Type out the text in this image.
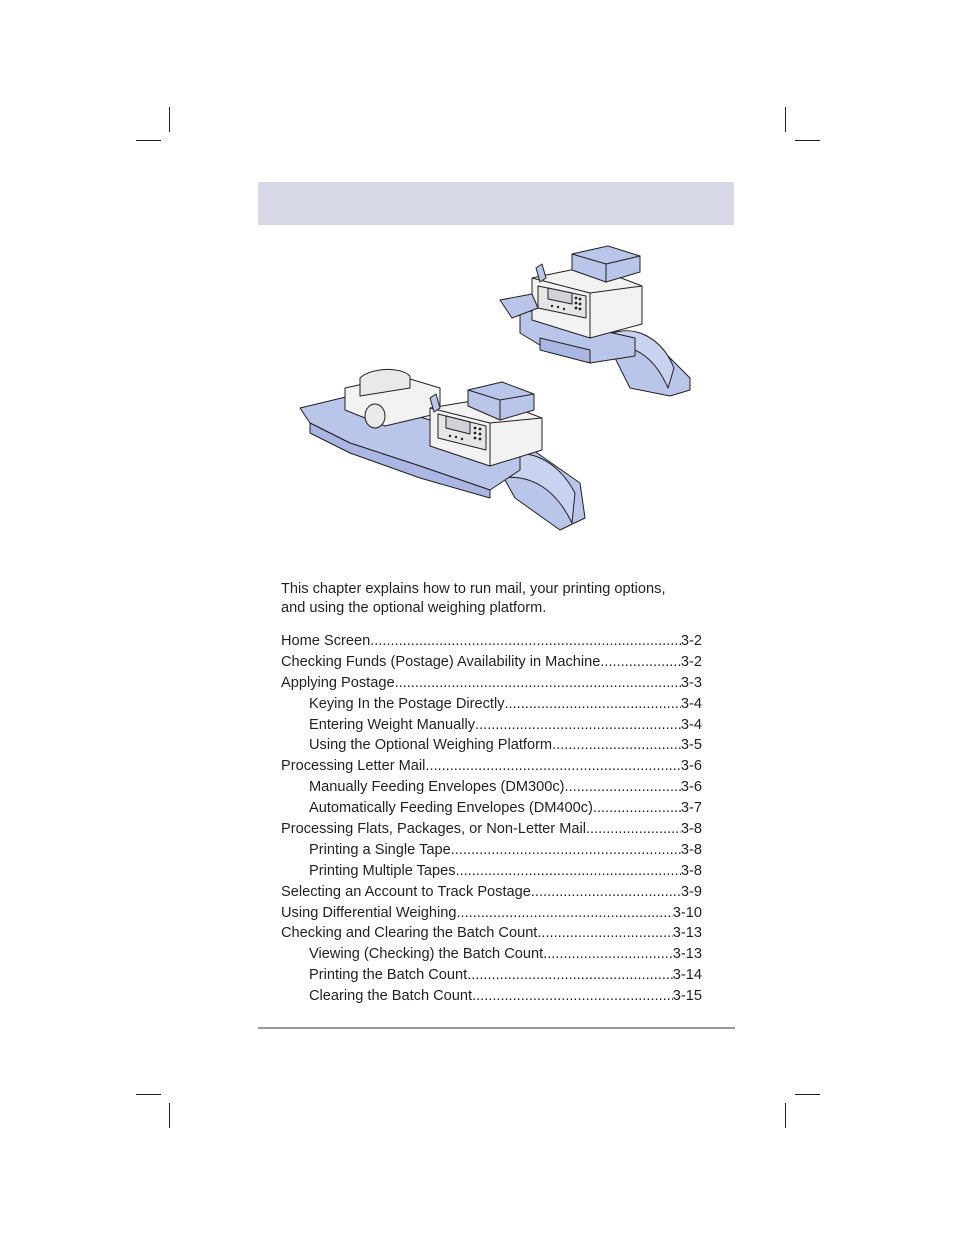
This chapter explains how to run mail, your printing options,
and using the optional weighing platform.

Home Screen .....	3-2
Checking Funds (Postage) Availability in Machine .....	3-2
Applying Postage .....	3-3
Keying In the Postage Directly .....	3-4
Entering Weight Manually .....	3-4
Using the Optional Weighing Platform .....	3-5
Processing Letter Mail .....	3-6
Manually Feeding Envelopes (DM300c) .....	3-6
Automatically Feeding Envelopes (DM400c) .....	3-7
Processing Flats, Packages, or Non-Letter Mail .....	3-8
Printing a Single Tape .....	3-8
Printing Multiple Tapes .....	3-8
Selecting an Account to Track Postage .....	3-9
Using Differential Weighing .....	3-10
Checking and Clearing the Batch Count .....	3-13
Viewing (Checking) the Batch Count .....	3-13
Printing the Batch Count .....	3-14
Clearing the Batch Count .....	3-15
